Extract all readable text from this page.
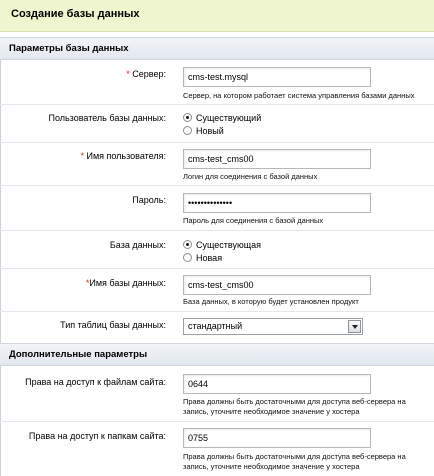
Создание базы данных
Параметры базы данных
* Сервер:
cms-test.mysql
Сервер, на котором работает система управления базами данных
Пользователь базы данных:	Существующий
Новый
* Имя пользователя:
cms-test_cms00
Логин для соединения с базой данных
Пароль:
••••••••••••••
Пароль для соединения с базой данных
База данных:	Существующая
Новая
*Имя базы данных:
cms-test_cms00
База данных, в которую будет установлен продукт
Тип таблиц базы данных:	стандартный
Дополнительные параметры
Права на доступ к файлам сайта:
0644
Права должны быть достаточными для доступа веб-сервера на
запись, уточните необходимое значение у хостера
Права на доступ к папкам сайта:
0755
Права должны быть достаточными для доступа веб-сервера на
запись, уточните необходимое значение у хостера
